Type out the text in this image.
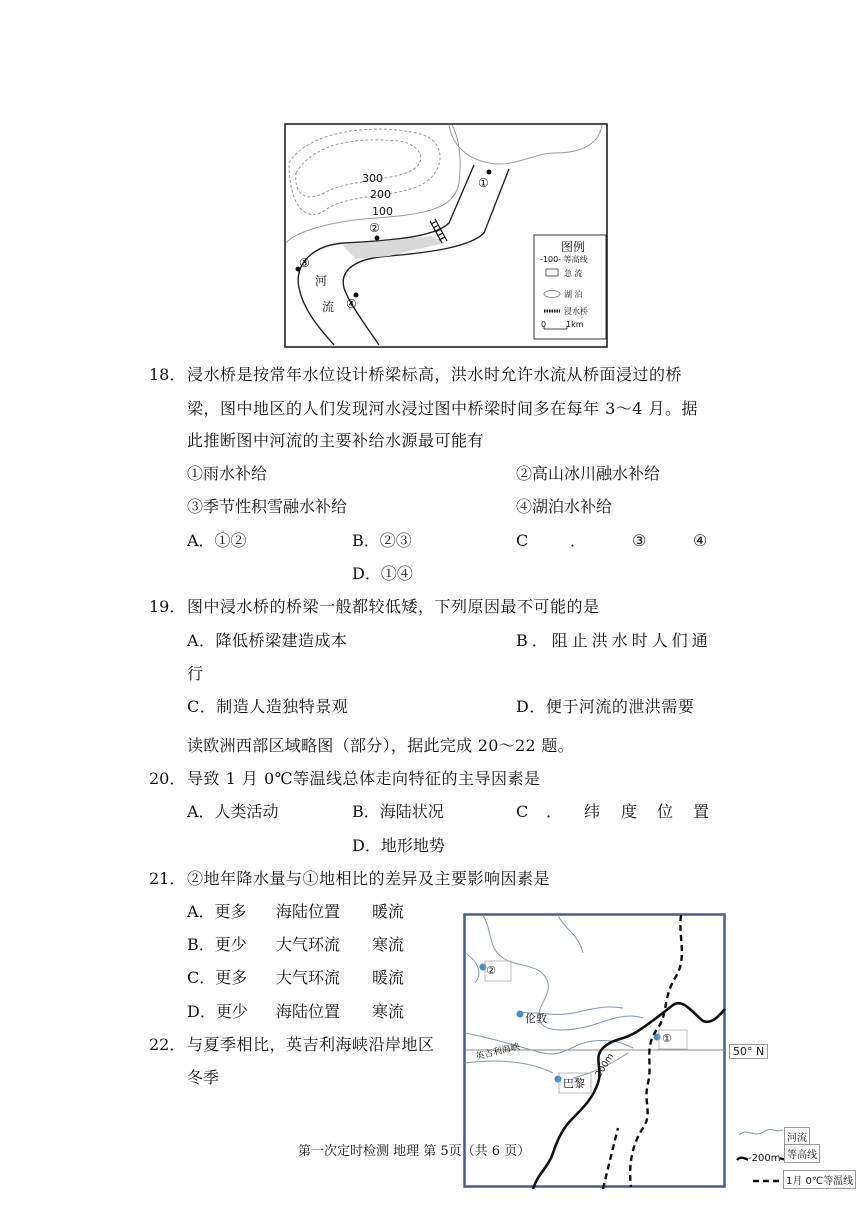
300
200
100
河
流
①
②
③
④
图例
-100- 等高线
急 流
湖 泊
浸水桥
0 1km
18． 浸水桥是按常年水位设计桥梁标高，洪水时允许水流从桥面浸过的桥
梁，图中地区的人们发现河水浸过图中桥梁时间多在每年 3～4 月。据
此推断图中河流的主要补给水源最可能有
①雨水补给	②高山冰川融水补给
③季节性积雪融水补给	④湖泊水补给
A．①②	B．②③	C	．	③	④
D．①④
19． 图中浸水桥的桥梁一般都较低矮，下列原因最不可能的是
A．降低桥梁建造成本	B．阻止洪水时人们通
行
C．制造人造独特景观	D．便于河流的泄洪需要
读欧洲西部区域略图（部分），据此完成 20～22 题。
20． 导致 1 月 0℃等温线总体走向特征的主导因素是
A．人类活动	B．海陆状况	C ． 纬 度 位 置
D．地形地势
21． ②地年降水量与①地相比的差异及主要影响因素是
A．更多 海陆位置 暖流
B．更少 大气环流 寒流
C．更多 大气环流 暖流
D．更少 海陆位置 寒流
22． 与夏季相比，英吉利海峡沿岸地区
冬季
②
伦敦
①
巴黎
英吉利海峡	200m
50° N
河流
-200m 等高线
1月 0℃等温线
第一次定时检测 地理 第 5页（共 6 页）
